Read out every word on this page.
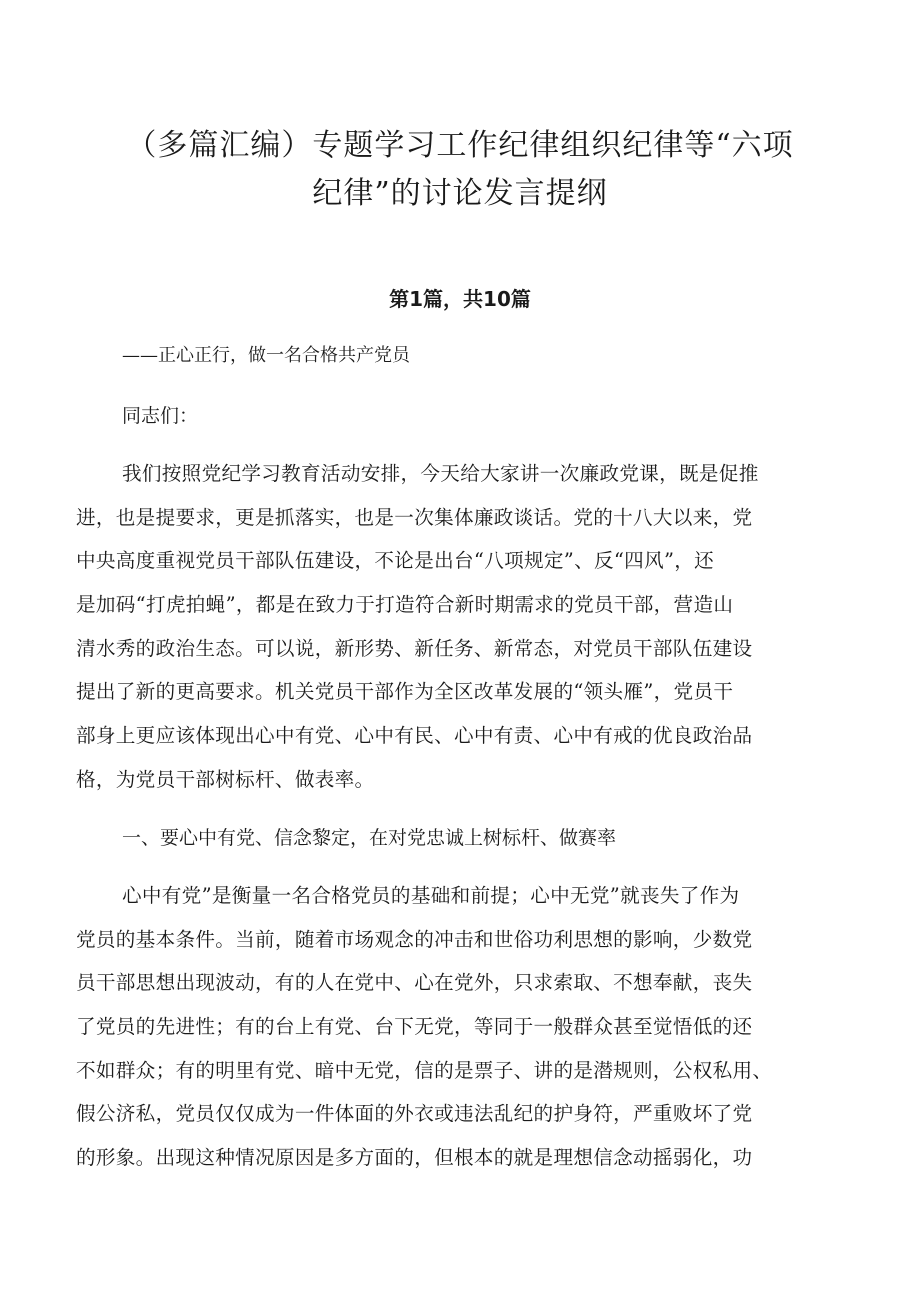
（多篇汇编）专题学习工作纪律组织纪律等“六项
纪律”的讨论发言提纲
第1篇，共10篇
——正心正行，做一名合格共产党员
同志们：
我们按照党纪学习教育活动安排，今天给大家讲一次廉政党课，既是促推
进，也是提要求，更是抓落实，也是一次集体廉政谈话。党的十八大以来，党
中央高度重视党员干部队伍建设，不论是出台“八项规定”、反“四风”，还
是加码“打虎拍蝇”，都是在致力于打造符合新时期需求的党员干部，营造山
清水秀的政治生态。可以说，新形势、新任务、新常态，对党员干部队伍建设
提出了新的更高要求。机关党员干部作为全区改革发展的“领头雁”，党员干
部身上更应该体现出心中有党、心中有民、心中有责、心中有戒的优良政治品
格，为党员干部树标杆、做表率。
一、要心中有党、信念黎定，在对党忠诚上树标杆、做赛率
心中有党”是衡量一名合格党员的基础和前提；心中无党”就丧失了作为
党员的基本条件。当前，随着市场观念的冲击和世俗功利思想的影响，少数党
员干部思想出现波动，有的人在党中、心在党外，只求索取、不想奉献，丧失
了党员的先进性；有的台上有党、台下无党，等同于一般群众甚至觉悟低的还
不如群众；有的明里有党、暗中无党，信的是票子、讲的是潜规则，公权私用、
假公济私，党员仅仅成为一件体面的外衣或违法乱纪的护身符，严重败坏了党
的形象。出现这种情况原因是多方面的，但根本的就是理想信念动摇弱化，功
